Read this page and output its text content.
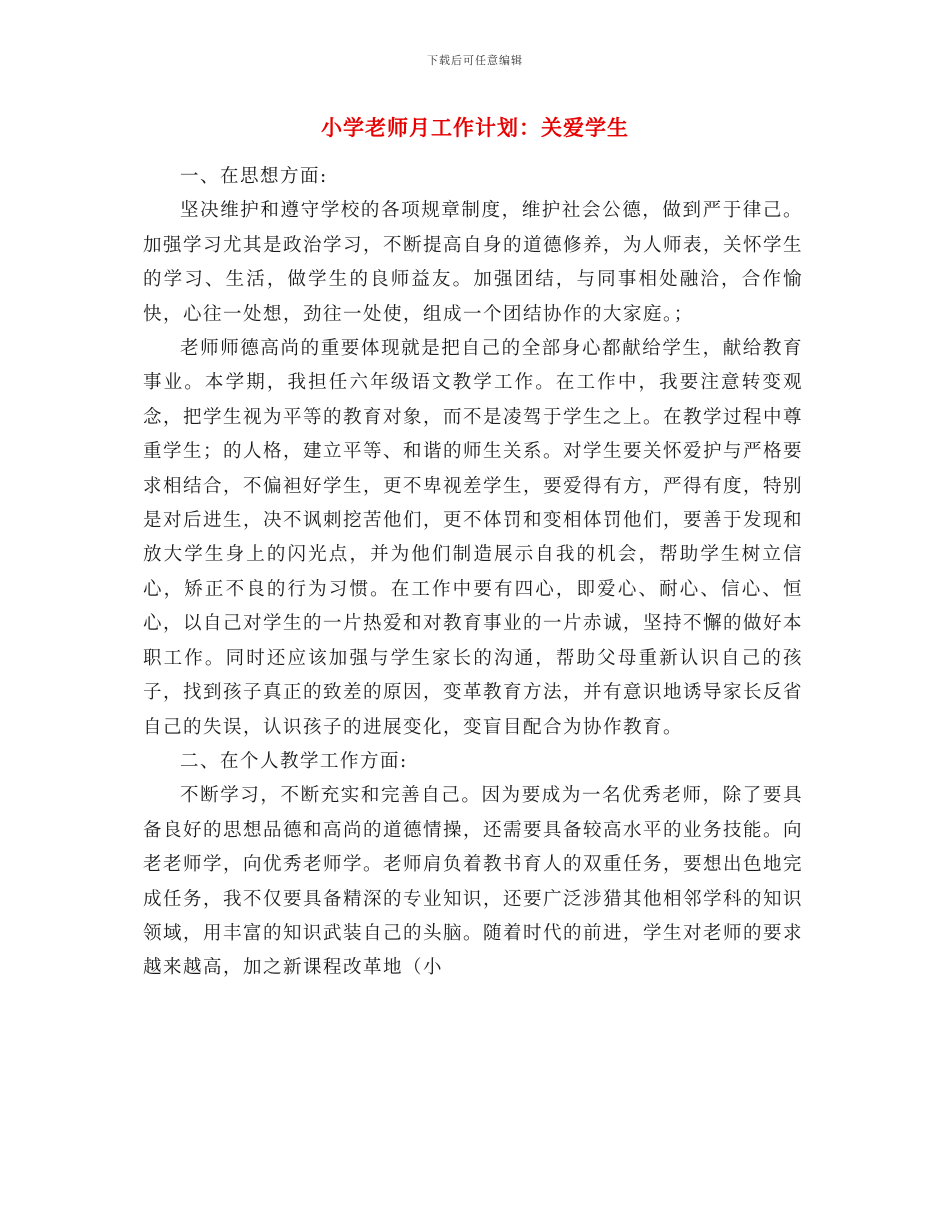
下载后可任意编辑
小学老师月工作计划：关爱学生

一、在思想方面:

坚决维护和遵守学校的各项规章制度，维护社会公德，做到严于律己。加强学习尤其是政治学习，不断提高自身的道德修养，为人师表，关怀学生的学习、生活，做学生的良师益友。加强团结，与同事相处融洽，合作愉快，心往一处想，劲往一处使，组成一个团结协作的大家庭。；

老师师德高尚的重要体现就是把自己的全部身心都献给学生，献给教育事业。本学期，我担任六年级语文教学工作。在工作中，我要注意转变观念，把学生视为平等的教育对象，而不是凌驾于学生之上。在教学过程中尊重学生；的人格，建立平等、和谐的师生关系。对学生要关怀爱护与严格要求相结合，不偏袒好学生，更不卑视差学生，要爱得有方，严得有度，特别是对后进生，决不讽刺挖苦他们，更不体罚和变相体罚他们，要善于发现和放大学生身上的闪光点，并为他们制造展示自我的机会，帮助学生树立信心，矫正不良的行为习惯。在工作中要有四心，即爱心、耐心、信心、恒心，以自己对学生的一片热爱和对教育事业的一片赤诚，坚持不懈的做好本职工作。同时还应该加强与学生家长的沟通，帮助父母重新认识自己的孩子，找到孩子真正的致差的原因，变革教育方法，并有意识地诱导家长反省自己的失误，认识孩子的进展变化，变盲目配合为协作教育。

二、在个人教学工作方面:

不断学习，不断充实和完善自己。因为要成为一名优秀老师，除了要具备良好的思想品德和高尚的道德情操，还需要具备较高水平的业务技能。向老老师学，向优秀老师学。老师肩负着教书育人的双重任务，要想出色地完成任务，我不仅要具备精深的专业知识，还要广泛涉猎其他相邻学科的知识领域，用丰富的知识武装自己的头脑。随着时代的前进，学生对老师的要求越来越高，加之新课程改革地（小
